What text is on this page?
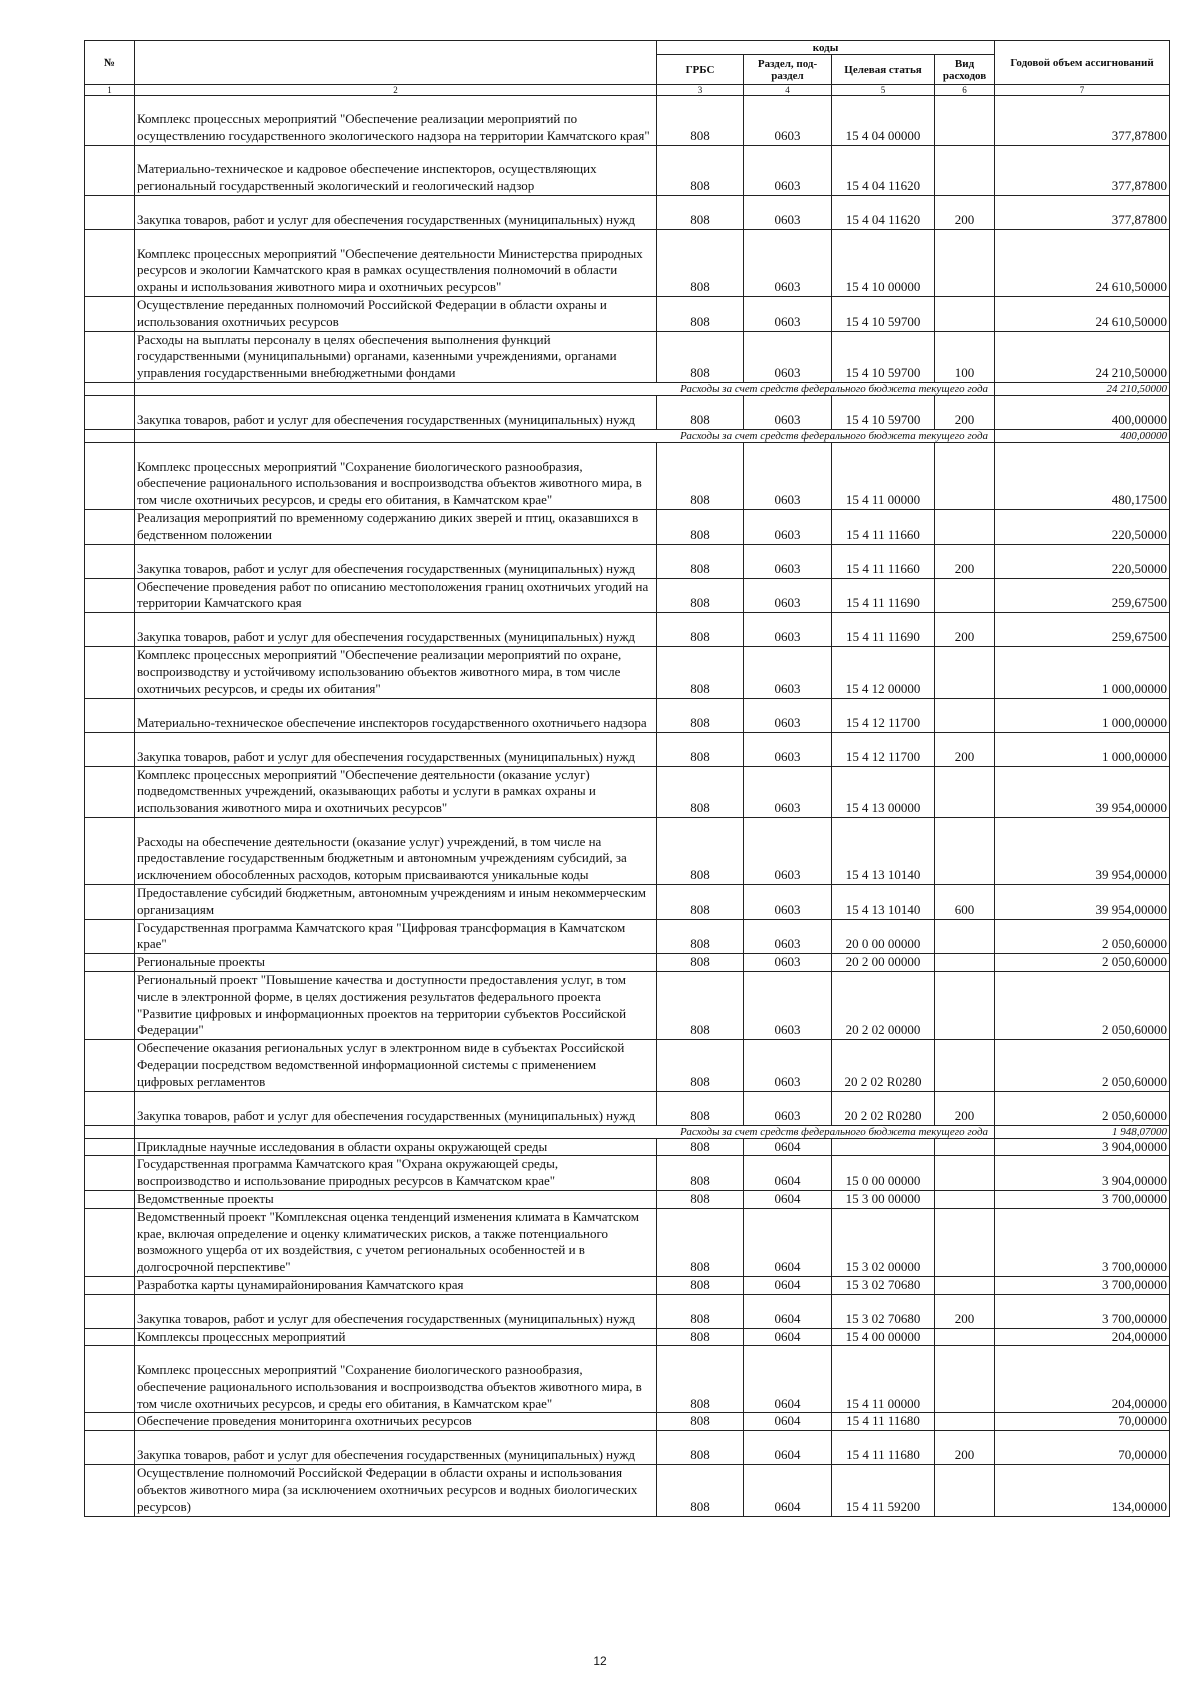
№		коды				Годовой объем ассигнований
		ГРБС	Раздел, под-раздел	Целевая статья	Вид расходов	
1	2	3	4	5	6	7
	Комплекс процессных мероприятий "Обеспечение реализации мероприятий по осуществлению государственного экологического надзора на территории Камчатского края"	808	0603	15 4 04 00000		377,87800
	Материально-техническое и кадровое обеспечение инспекторов, осуществляющих региональный государственный экологический и геологический надзор	808	0603	15 4 04 11620		377,87800
	Закупка товаров, работ и услуг для обеспечения государственных (муниципальных) нужд	808	0603	15 4 04 11620	200	377,87800
	Комплекс процессных мероприятий "Обеспечение деятельности Министерства природных ресурсов и экологии Камчатского края в рамках осуществления полномочий в области охраны и использования животного мира и охотничьих ресурсов"	808	0603	15 4 10 00000		24 610,50000
	Осуществление переданных полномочий Российской Федерации в области охраны и использования охотничьих ресурсов	808	0603	15 4 10 59700		24 610,50000
	Расходы на выплаты персоналу в целях обеспечения выполнения функций государственными (муниципальными) органами, казенными учреждениями, органами управления государственными внебюджетными фондами	808	0603	15 4 10 59700	100	24 210,50000
	Расходы за счет средств федерального бюджета текущего года					24 210,50000
	Закупка товаров, работ и услуг для обеспечения государственных (муниципальных) нужд	808	0603	15 4 10 59700	200	400,00000
	Расходы за счет средств федерального бюджета текущего года					400,00000
	Комплекс процессных мероприятий "Сохранение биологического разнообразия, обеспечение рационального использования и воспроизводства объектов животного мира, в том числе охотничьих ресурсов, и среды его обитания, в Камчатском крае"	808	0603	15 4 11 00000		480,17500
	Реализация мероприятий по временному содержанию диких зверей и птиц, оказавшихся в бедственном положении	808	0603	15 4 11 11660		220,50000
	Закупка товаров, работ и услуг для обеспечения государственных (муниципальных) нужд	808	0603	15 4 11 11660	200	220,50000
	Обеспечение проведения работ по описанию местоположения границ охотничьих угодий на территории Камчатского края	808	0603	15 4 11 11690		259,67500
	Закупка товаров, работ и услуг для обеспечения государственных (муниципальных) нужд	808	0603	15 4 11 11690	200	259,67500
	Комплекс процессных мероприятий "Обеспечение реализации мероприятий по охране, воспроизводству и устойчивому использованию объектов животного мира, в том числе охотничьих ресурсов, и среды их обитания"	808	0603	15 4 12 00000		1 000,00000
	Материально-техническое обеспечение инспекторов государственного охотничьего надзора	808	0603	15 4 12 11700		1 000,00000
	Закупка товаров, работ и услуг для обеспечения государственных (муниципальных) нужд	808	0603	15 4 12 11700	200	1 000,00000
	Комплекс процессных мероприятий "Обеспечение деятельности (оказание услуг) подведомственных учреждений, оказывающих работы и услуги в рамках охраны и использования животного мира и охотничьих ресурсов"	808	0603	15 4 13 00000		39 954,00000
	Расходы на обеспечение деятельности (оказание услуг) учреждений, в том числе на предоставление государственным бюджетным и автономным учреждениям субсидий, за исключением обособленных расходов, которым присваиваются уникальные коды	808	0603	15 4 13 10140		39 954,00000
	Предоставление субсидий бюджетным, автономным учреждениям и иным некоммерческим организациям	808	0603	15 4 13 10140	600	39 954,00000
	Государственная программа Камчатского края "Цифровая трансформация в Камчатском крае"	808	0603	20 0 00 00000		2 050,60000
	Региональные проекты	808	0603	20 2 00 00000		2 050,60000
	Региональный проект "Повышение качества и доступности предоставления услуг, в том числе в электронной форме, в целях достижения результатов федерального проекта "Развитие цифровых и информационных проектов на территории субъектов Российской Федерации"	808	0603	20 2 02 00000		2 050,60000
	Обеспечение оказания региональных услуг в электронном виде в субъектах Российской Федерации посредством ведомственной информационной системы с применением цифровых регламентов	808	0603	20 2 02 R0280		2 050,60000
	Закупка товаров, работ и услуг для обеспечения государственных (муниципальных) нужд	808	0603	20 2 02 R0280	200	2 050,60000
	Расходы за счет средств федерального бюджета текущего года					1 948,07000
	Прикладные научные исследования в области охраны окружающей среды	808	0604			3 904,00000
	Государственная программа Камчатского края "Охрана окружающей среды, воспроизводство и использование природных ресурсов в Камчатском крае"	808	0604	15 0 00 00000		3 904,00000
	Ведомственные проекты	808	0604	15 3 00 00000		3 700,00000
	Ведомственный проект "Комплексная оценка тенденций изменения климата в Камчатском крае, включая определение и оценку климатических рисков, а также потенциального возможного ущерба от их воздействия, с учетом региональных особенностей и в долгосрочной перспективе"	808	0604	15 3 02 00000		3 700,00000
	Разработка карты цунамирайонирования Камчатского края	808	0604	15 3 02 70680		3 700,00000
	Закупка товаров, работ и услуг для обеспечения государственных (муниципальных) нужд	808	0604	15 3 02 70680	200	3 700,00000
	Комплексы процессных мероприятий	808	0604	15 4 00 00000		204,00000
	Комплекс процессных мероприятий "Сохранение биологического разнообразия, обеспечение рационального использования и воспроизводства объектов животного мира, в том числе охотничьих ресурсов, и среды его обитания, в Камчатском крае"	808	0604	15 4 11 00000		204,00000
	Обеспечение проведения мониторинга охотничьих ресурсов	808	0604	15 4 11 11680		70,00000
	Закупка товаров, работ и услуг для обеспечения государственных (муниципальных) нужд	808	0604	15 4 11 11680	200	70,00000
	Осуществление полномочий Российской Федерации в области охраны и использования объектов животного мира (за исключением охотничьих ресурсов и водных биологических ресурсов)	808	0604	15 4 11 59200		134,00000
12
